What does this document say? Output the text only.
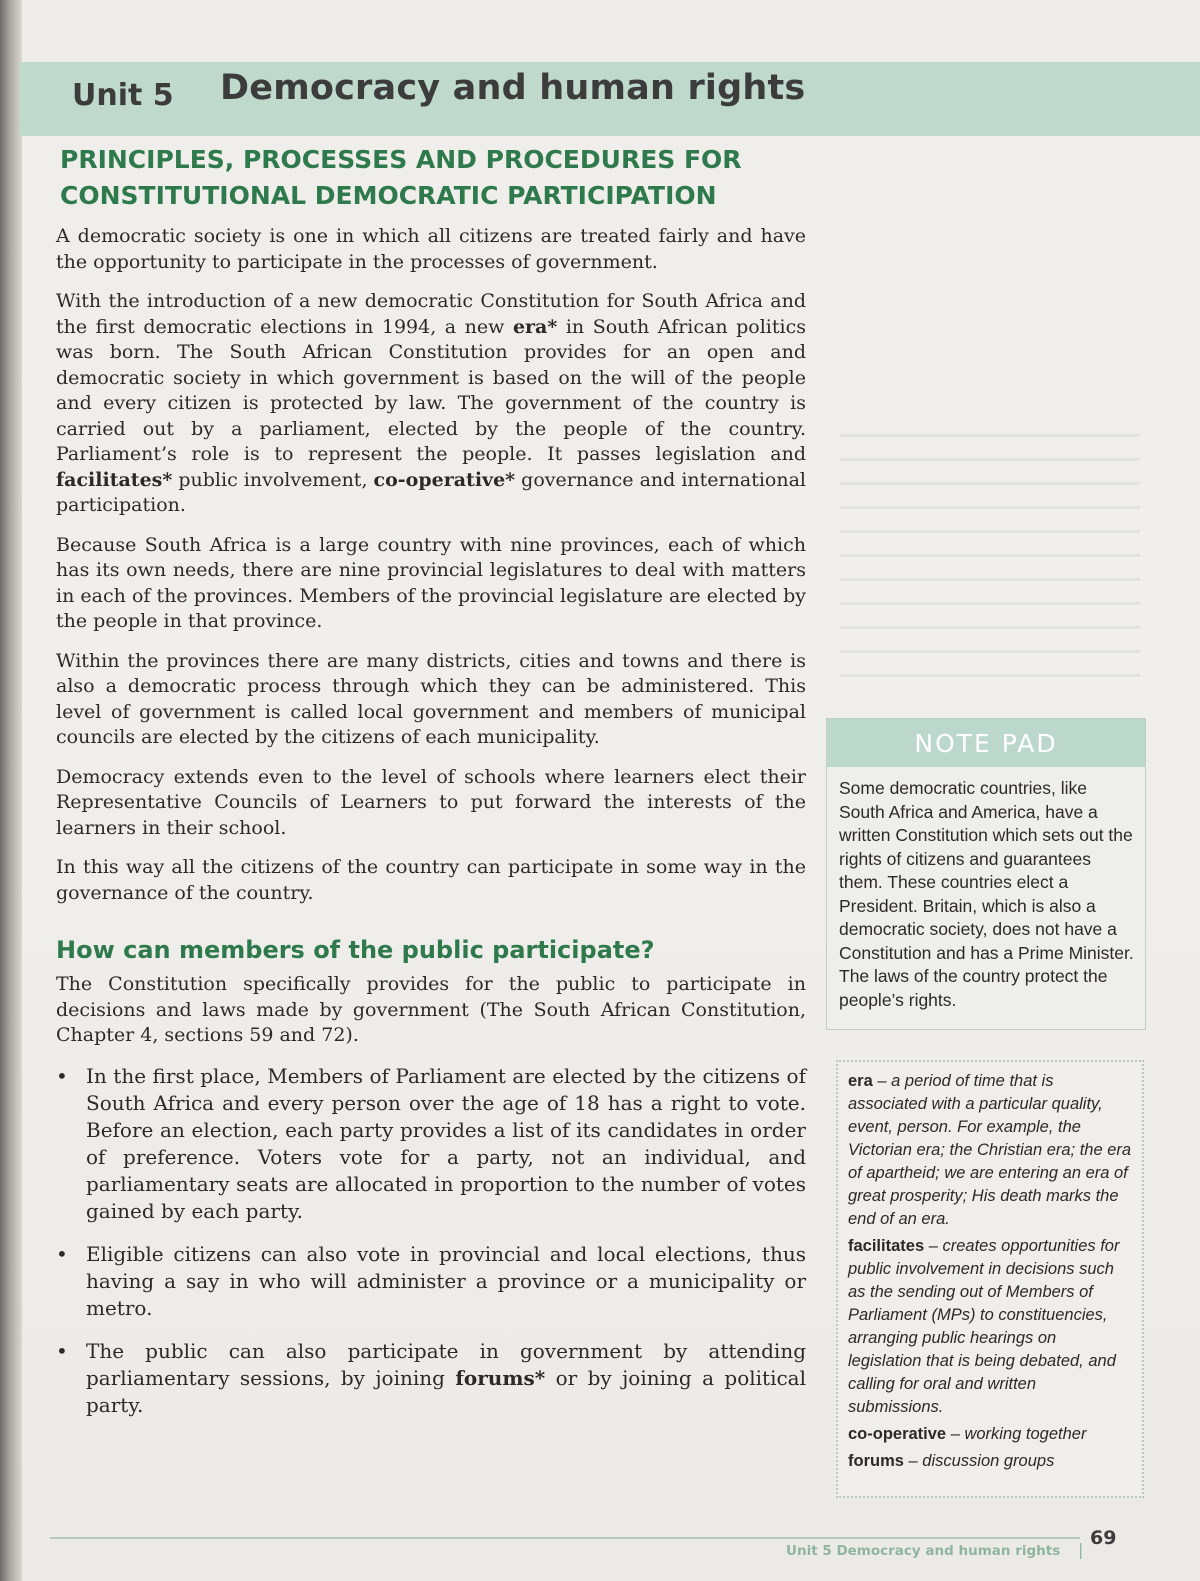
Unit 5 Democracy and human rights
PRINCIPLES, PROCESSES AND PROCEDURES FOR
CONSTITUTIONAL DEMOCRATIC PARTICIPATION

A democratic society is one in which all citizens are treated fairly and have the opportunity to participate in the processes of government.

With the introduction of a new democratic Constitution for South Africa and the first democratic elections in 1994, a new era* in South African politics was born. The South African Constitution provides for an open and democratic society in which government is based on the will of the people and every citizen is protected by law. The government of the country is carried out by a parliament, elected by the people of the country. Parliament’s role is to represent the people. It passes legislation and facilitates* public involvement, co-operative* governance and international participation.

Because South Africa is a large country with nine provinces, each of which has its own needs, there are nine provincial legislatures to deal with matters in each of the provinces. Members of the provincial legislature are elected by the people in that province.

Within the provinces there are many districts, cities and towns and there is also a democratic process through which they can be administered. This level of government is called local government and members of municipal councils are elected by the citizens of each municipality.

Democracy extends even to the level of schools where learners elect their Representative Councils of Learners to put forward the interests of the learners in their school.

In this way all the citizens of the country can participate in some way in the governance of the country.

How can members of the public participate?

The Constitution specifically provides for the public to participate in decisions and laws made by government (The South African Constitution, Chapter 4, sections 59 and 72).

• In the first place, Members of Parliament are elected by the citizens of South Africa and every person over the age of 18 has a right to vote. Before an election, each party provides a list of its candidates in order of preference. Voters vote for a party, not an individual, and parliamentary seats are allocated in proportion to the number of votes gained by each party.
• Eligible citizens can also vote in provincial and local elections, thus having a say in who will administer a province or a municipality or metro.
• The public can also participate in government by attending parliamentary sessions, by joining forums* or by joining a political party.
NOTE PAD
Some democratic countries, like South Africa and America, have a written Constitution which sets out the rights of citizens and guarantees them. These countries elect a President. Britain, which is also a democratic society, does not have a Constitution and has a Prime Minister. The laws of the country protect the people’s rights.

era – a period of time that is associated with a particular quality, event, person. For example, the Victorian era; the Christian era; the era of apartheid; we are entering an era of great prosperity; His death marks the end of an era.

facilitates – creates opportunities for public involvement in decisions such as the sending out of Members of Parliament (MPs) to constituencies, arranging public hearings on legislation that is being debated, and calling for oral and written submissions.

co-operative – working together

forums – discussion groups

Unit 5 Democracy and human rights |
69
